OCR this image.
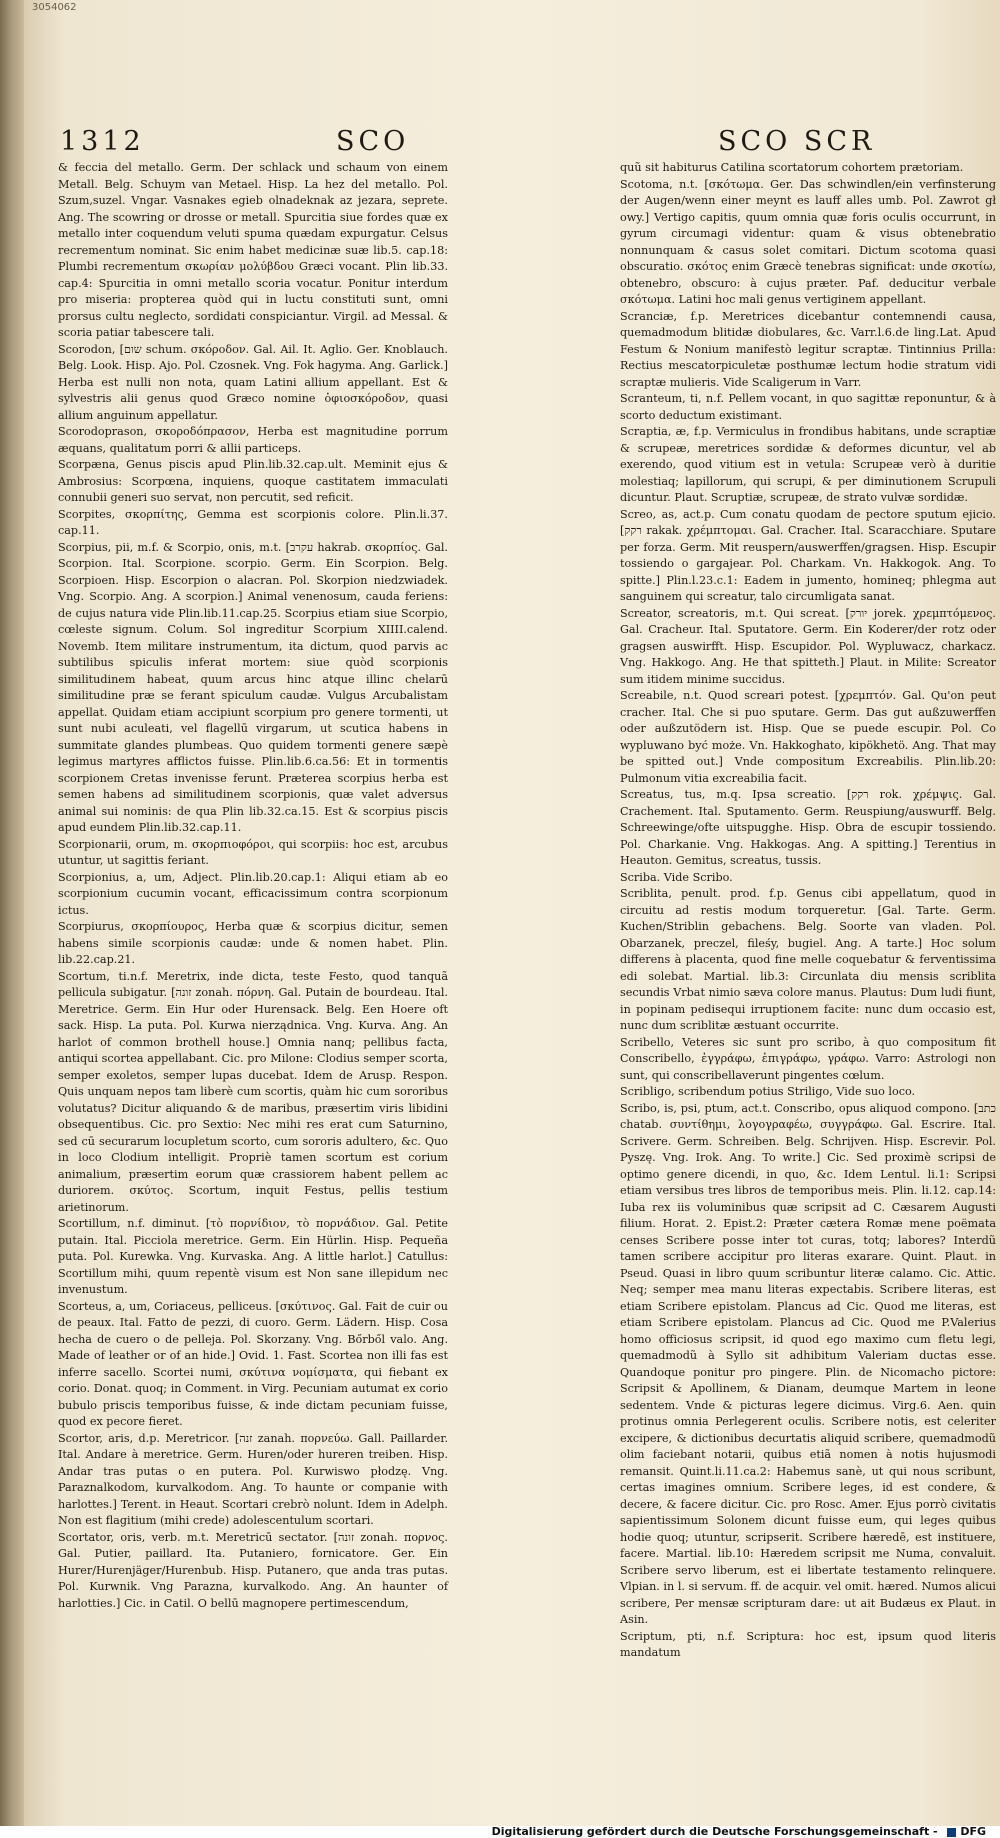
3054062
1312	SCO	SCO SCR
& feccia del metallo. Germ. Der schlack und schaum von einem Metall. Belg. Schuym van Metael. Hisp. La hez del metallo. Pol. Szum,suzel. Vngar. Vasnakes egieb olnadeknak az jezara, seprete. Ang. The scowring or drosse or metall. Spurcitia siue fordes quæ ex metallo inter coquendum veluti spuma quædam expurgatur. Celsus recrementum nominat. Sic enim habet medicinæ suæ lib.5. cap.18: Plumbi recrementum σκωρίαν μολύβδου Græci vocant. Plin lib.33. cap.4: Spurcitia in omni metallo scoria vocatur. Ponitur interdum pro miseria: propterea quòd qui in luctu constituti sunt, omni prorsus cultu neglecto, sordidati conspiciantur. Virgil. ad Messal. & scoria patiar tabescere tali.
Scorodon, [שום schum. σκόροδον. Gal. Ail. It. Aglio. Ger. Knoblauch. Belg. Look. Hisp. Ajo. Pol. Czosnek. Vng. Fok hagyma. Ang. Garlick.] Herba est nulli non nota, quam Latini allium appellant. Est & sylvestris alii genus quod Græco nomine ὀφιοσκόροδον, quasi allium anguinum appellatur.
Scorodoprason, σκοροδόπρασον, Herba est magnitudine porrum æquans, qualitatum porri & allii particeps.
Scorpæna, Genus piscis apud Plin.lib.32.cap.ult. Meminit ejus & Ambrosius: Scorpœna, inquiens, quoque castitatem immaculati connubii generi suo servat, non percutit, sed reficit.
Scorpites, σκορπίτης, Gemma est scorpionis colore. Plin.li.37. cap.11.
Scorpius, pii, m.f. & Scorpio, onis, m.t. [עקרב hakrab. σκορπίος. Gal. Scorpion. Ital. Scorpione. scorpio. Germ. Ein Scorpion. Belg. Scorpioen. Hisp. Escorpion o alacran. Pol. Skorpion niedzwiadek. Vng. Scorpio. Ang. A scorpion.] Animal venenosum, cauda feriens: de cujus natura vide Plin.lib.11.cap.25. Scorpius etiam siue Scorpio, cœleste signum. Colum. Sol ingreditur Scorpium XIIII.calend. Novemb. Item militare instrumentum, ita dictum, quod parvis ac subtilibus spiculis inferat mortem: siue quòd scorpionis similitudinem habeat, quum arcus hinc atque illinc chelarū similitudine præ se ferant spiculum caudæ. Vulgus Arcubalistam appellat. Quidam etiam accipiunt scorpium pro genere tormenti, ut sunt nubi aculeati, vel flagellū virgarum, ut scutica habens in summitate glandes plumbeas. Quo quidem tormenti genere sæpè legimus martyres afflictos fuisse. Plin.lib.6.ca.56: Et in tormentis scorpionem Cretas invenisse ferunt. Præterea scorpius herba est semen habens ad similitudinem scorpionis, quæ valet adversus animal sui nominis: de qua Plin lib.32.ca.15. Est & scorpius piscis apud eundem Plin.lib.32.cap.11.
Scorpionarii, orum, m. σκορπιοφόροι, qui scorpiis: hoc est, arcubus utuntur, ut sagittis feriant.
Scorpionius, a, um, Adject. Plin.lib.20.cap.1: Aliqui etiam ab eo scorpionium cucumin vocant, efficacissimum contra scorpionum ictus.
Scorpiurus, σκορπίουρος, Herba quæ & scorpius dicitur, semen habens simile scorpionis caudæ: unde & nomen habet. Plin. lib.22.cap.21.
Scortum, ti.n.f. Meretrix, inde dicta, teste Festo, quod tanquã pellicula subigatur. [זונה zonah. πόρνη. Gal. Putain de bourdeau. Ital. Meretrice. Germ. Ein Hur oder Hurensack. Belg. Een Hoere oft sack. Hisp. La puta. Pol. Kurwa nierządnica. Vng. Kurva. Ang. An harlot of common brothell house.] Omnia nanq; pellibus facta, antiqui scortea appellabant. Cic. pro Milone: Clodius semper scorta, semper exoletos, semper lupas ducebat. Idem de Arusp. Respon. Quis unquam nepos tam liberè cum scortis, quàm hic cum sororibus volutatus? Dicitur aliquando & de maribus, præsertim viris libidini obsequentibus. Cic. pro Sextio: Nec mihi res erat cum Saturnino, sed cū securarum locupletum scorto, cum sororis adultero, &c. Quo in loco Clodium intelligit. Propriè tamen scortum est corium animalium, præsertim eorum quæ crassiorem habent pellem ac duriorem. σκύτος. Scortum, inquit Festus, pellis testium arietinorum.
Scortillum, n.f. diminut. [τὸ πορνίδιον, τὸ πορνάδιον. Gal. Petite putain. Ital. Picciola meretrice. Germ. Ein Hürlin. Hisp. Pequeña puta. Pol. Kurewka. Vng. Kurvaska. Ang. A little harlot.] Catullus: Scortillum mihi, quum repentè visum est Non sane illepidum nec invenustum.
Scorteus, a, um, Coriaceus, pelliceus. [σκύτινος. Gal. Fait de cuir ou de peaux. Ital. Fatto de pezzi, di cuoro. Germ. Lädern. Hisp. Cosa hecha de cuero o de pelleja. Pol. Skorzany. Vng. Bőrből valo. Ang. Made of leather or of an hide.] Ovid. 1. Fast. Scortea non illi fas est inferre sacello. Scortei numi, σκύτινα νομίσματα, qui fiebant ex corio. Donat. quoq; in Comment. in Virg. Pecuniam autumat ex corio bubulo priscis temporibus fuisse, & inde dictam pecuniam fuisse, quod ex pecore fieret.
Scortor, aris, d.p. Meretricor. [זנה zanah. πορνεύω. Gall. Paillarder. Ital. Andare à meretrice. Germ. Huren/oder hureren treiben. Hisp. Andar tras putas o en putera. Pol. Kurwiswo płodzę. Vng. Paraznalkodom, kurvalkodom. Ang. To haunte or companie with harlottes.] Terent. in Heaut. Scortari crebrò nolunt. Idem in Adelph. Non est flagitium (mihi crede) adolescentulum scortari.
Scortator, oris, verb. m.t. Meretricū sectator. [זונה zonah. πορνος. Gal. Putier, paillard. Ita. Putaniero, fornicatore. Ger. Ein Hurer/Hurenjäger/Hurenbub. Hisp. Putanero, que anda tras putas. Pol. Kurwnik. Vng Parazna, kurvalkodo. Ang. An haunter of harlotties.] Cic. in Catil. O bellū magnopere pertimescendum,
quũ sit habiturus Catilina scortatorum cohortem prætoriam.
Scotoma, n.t. [σκότωμα. Ger. Das schwindlen/ein verfinsterung der Augen/wenn einer meynt es lauff alles umb. Pol. Zawrot gł owy.] Vertigo capitis, quum omnia quæ foris oculis occurrunt, in gyrum circumagi videntur: quam & visus obtenebratio nonnunquam & casus solet comitari. Dictum scotoma quasi obscuratio. σκότος enim Græcè tenebras significat: unde σκοτίω, obtenebro, obscuro: à cujus præter. Paf. deducitur verbale σκότωμα. Latini hoc mali genus vertiginem appellant.
Scranciæ, f.p. Meretrices dicebantur contemnendi causa, quemadmodum blitidæ diobulares, &c. Varr.l.6.de ling.Lat. Apud Festum & Nonium manifestò legitur scraptæ. Tintinnius Prilla: Rectius mescatorpiculetæ posthumæ lectum hodie stratum vidi scraptæ mulieris. Vide Scaligerum in Varr.
Scranteum, ti, n.f. Pellem vocant, in quo sagittæ reponuntur, & à scorto deductum existimant.
Scraptia, æ, f.p. Vermiculus in frondibus habitans, unde scraptiæ & scrupeæ, meretrices sordidæ & deformes dicuntur, vel ab exerendo, quod vitium est in vetula: Scrupeæ verò à duritie molestiaq; lapillorum, qui scrupi, & per diminutionem Scrupuli dicuntur. Plaut. Scruptiæ, scrupeæ, de strato vulvæ sordidæ.
Screo, as, act.p. Cum conatu quodam de pectore sputum ejicio. [רקק rakak. χρέμπτομαι. Gal. Cracher. Ital. Scaracchiare. Sputare per forza. Germ. Mit reuspern/auswerffen/gragsen. Hisp. Escupir tossiendo o gargajear. Pol. Charkam. Vn. Hakkogok. Ang. To spitte.] Plin.l.23.c.1: Eadem in jumento, homineq; phlegma aut sanguinem qui screatur, talo circumligata sanat.
Screator, screatoris, m.t. Qui screat. [יורק jorek. χρεμπτόμενος. Gal. Cracheur. Ital. Sputatore. Germ. Ein Koderer/der rotz oder gragsen auswirfft. Hisp. Escupidor. Pol. Wypluwacz, charkacz. Vng. Hakkogo. Ang. He that spitteth.] Plaut. in Milite: Screator sum itidem minime succidus.
Screabile, n.t. Quod screari potest. [χρεμπτόν. Gal. Qu'on peut cracher. Ital. Che si puo sputare. Germ. Das gut außzuwerffen oder außzutödern ist. Hisp. Que se puede escupir. Pol. Co wypluwano być może. Vn. Hakkoghato, kipökhetö. Ang. That may be spitted out.] Vnde compositum Excreabilis. Plin.lib.20: Pulmonum vitia excreabilia facit.
Screatus, tus, m.q. Ipsa screatio. [רקק rok. χρέμψις. Gal. Crachement. Ital. Sputamento. Germ. Reuspiung/auswurff. Belg. Schreewinge/ofte uitspugghe. Hisp. Obra de escupir tossiendo. Pol. Charkanie. Vng. Hakkogas. Ang. A spitting.] Terentius in Heauton. Gemitus, screatus, tussis.
Scriba. Vide Scribo.
Scriblita, penult. prod. f.p. Genus cibi appellatum, quod in circuitu ad restis modum torqueretur. [Gal. Tarte. Germ. Kuchen/Striblin gebachens. Belg. Soorte van vladen. Pol. Obarzanek, preczel, fileśy, bugiel. Ang. A tarte.] Hoc solum differens à placenta, quod fine melle coquebatur & ferventissima edi solebat. Martial. lib.3: Circunlata diu mensis scriblita secundis Vrbat nimio sæva colore manus. Plautus: Dum ludi fiunt, in popinam pedisequi irruptionem facite: nunc dum occasio est, nunc dum scriblitæ æstuant occurrite.
Scribello, Veteres sic sunt pro scribo, à quo compositum fit Conscribello, ἐγγράφω, ἐπιγράφω, γράφω. Varro: Astrologi non sunt, qui conscribellaverunt pingentes cœlum.
Scribligo, scribendum potius Striligo, Vide suo loco.
Scribo, is, psi, ptum, act.t. Conscribo, opus aliquod compono. [כתב chatab. συντίθημι, λογογραφέω, συγγράφω. Gal. Escrire. Ital. Scrivere. Germ. Schreiben. Belg. Schrijven. Hisp. Escrevir. Pol. Pyszę. Vng. Irok. Ang. To write.] Cic. Sed proximè scripsi de optimo genere dicendi, in quo, &c. Idem Lentul. li.1: Scripsi etiam versibus tres libros de temporibus meis. Plin. li.12. cap.14: Iuba rex iis voluminibus quæ scripsit ad C. Cæsarem Augusti filium. Horat. 2. Epist.2: Præter cætera Romæ mene poëmata censes Scribere posse inter tot curas, totq; labores? Interdũ tamen scribere accipitur pro literas exarare. Quint. Plaut. in Pseud. Quasi in libro quum scribuntur literæ calamo. Cic. Attic. Neq; semper mea manu literas expectabis. Scribere literas, est etiam Scribere epistolam. Plancus ad Cic. Quod me literas, est etiam Scribere epistolam. Plancus ad Cic. Quod me P.Valerius homo officiosus scripsit, id quod ego maximo cum fletu legi, quemadmodũ à Syllo sit adhibitum Valeriam ductas esse. Quandoque ponitur pro pingere. Plin. de Nicomacho pictore: Scripsit & Apollinem, & Dianam, deumque Martem in leone sedentem. Vnde & picturas legere dicimus. Virg.6. Aen. quin protinus omnia Perlegerent oculis. Scribere notis, est celeriter excipere, & dictionibus decurtatis aliquid scribere, quemadmodũ olim faciebant notarii, quibus etiã nomen à notis hujusmodi remansit. Quint.li.11.ca.2: Habemus sanè, ut qui nous scribunt, certas imagines omnium. Scribere leges, id est condere, & decere, & facere dicitur. Cic. pro Rosc. Amer. Ejus porrò civitatis sapientissimum Solonem dicunt fuisse eum, qui leges quibus hodie quoq; utuntur, scripserit. Scribere hæredē, est instituere, facere. Martial. lib.10: Hæredem scripsit me Numa, convaluit. Scribere servo liberum, est ei libertate testamento relinquere. Vlpian. in l. si servum. ff. de acquir. vel omit. hæred. Numos alicui scribere, Per mensæ scripturam dare: ut ait Budæus ex Plaut. in Asin.
Scriptum, pti, n.f. Scriptura: hoc est, ipsum quod literis mandatum
Digitalisierung gefördert durch die Deutsche Forschungsgemeinschaft - DFG
